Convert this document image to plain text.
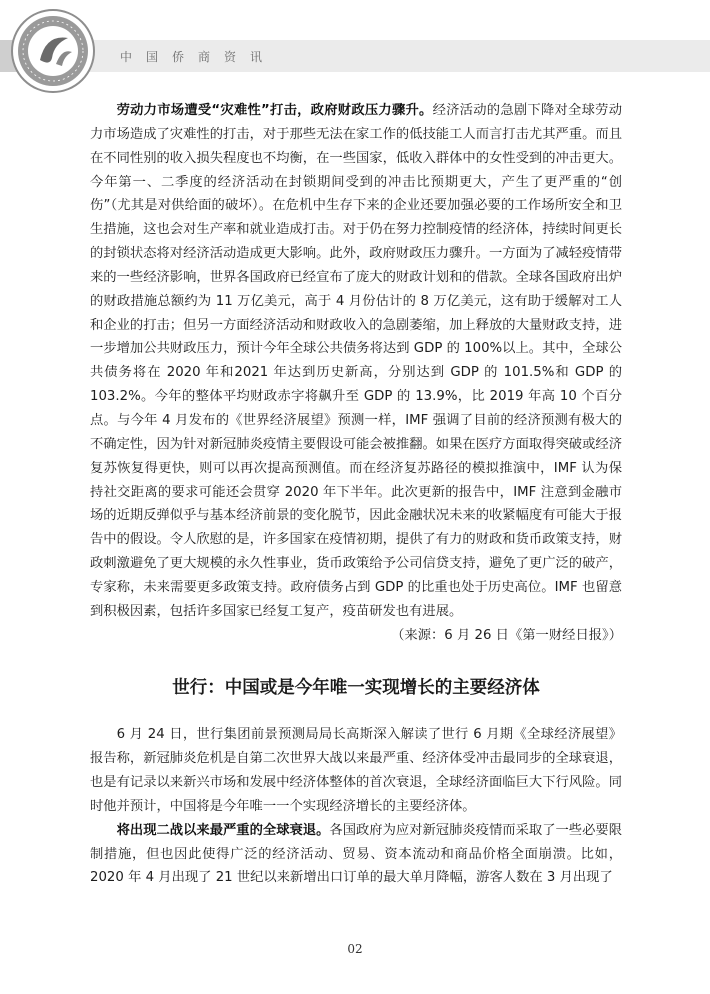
中国侨商资讯

劳动力市场遭受“灾难性”打击，政府财政压力骤升。经济活动的急剧下降对全球劳动力市场造成了灾难性的打击，对于那些无法在家工作的低技能工人而言打击尤其严重。而且在不同性别的收入损失程度也不均衡，在一些国家，低收入群体中的女性受到的冲击更大。今年第一、二季度的经济活动在封锁期间受到的冲击比预期更大，产生了更严重的“创伤”（尤其是对供给面的破坏）。在危机中生存下来的企业还要加强必要的工作场所安全和卫生措施，这也会对生产率和就业造成打击。对于仍在努力控制疫情的经济体，持续时间更长的封锁状态将对经济活动造成更大影响。此外，政府财政压力骤升。一方面为了减轻疫情带来的一些经济影响，世界各国政府已经宣布了庞大的财政计划和的借款。全球各国政府出炉的财政措施总额约为 11 万亿美元，高于 4 月份估计的 8 万亿美元，这有助于缓解对工人和企业的打击；但另一方面经济活动和财政收入的急剧萎缩，加上释放的大量财政支持，进一步增加公共财政压力，预计今年全球公共债务将达到 GDP 的 100%以上。其中，全球公共债务将在 2020 年和2021 年达到历史新高，分别达到 GDP 的 101.5%和 GDP 的 103.2%。今年的整体平均财政赤字将飙升至 GDP 的 13.9%，比 2019 年高 10 个百分点。与今年 4 月发布的《世界经济展望》预测一样，IMF 强调了目前的经济预测有极大的不确定性，因为针对新冠肺炎疫情主要假设可能会被推翻。如果在医疗方面取得突破或经济复苏恢复得更快，则可以再次提高预测值。而在经济复苏路径的模拟推演中，IMF 认为保持社交距离的要求可能还会贯穿 2020 年下半年。此次更新的报告中，IMF 注意到金融市场的近期反弹似乎与基本经济前景的变化脱节，因此金融状况未来的收紧幅度有可能大于报告中的假设。令人欣慰的是，许多国家在疫情初期，提供了有力的财政和货币政策支持，财政刺激避免了更大规模的永久性事业，货币政策给予公司信贷支持，避免了更广泛的破产，专家称，未来需要更多政策支持。政府债务占到 GDP 的比重也处于历史高位。IMF 也留意到积极因素，包括许多国家已经复工复产，疫苗研发也有进展。

（来源：6 月 26 日《第一财经日报》）

世行：中国或是今年唯一实现增长的主要经济体

6 月 24 日，世行集团前景预测局局长高斯深入解读了世行 6 月期《全球经济展望》报告称，新冠肺炎危机是自第二次世界大战以来最严重、经济体受冲击最同步的全球衰退，也是有记录以来新兴市场和发展中经济体整体的首次衰退，全球经济面临巨大下行风险。同时他并预计，中国将是今年唯一一个实现经济增长的主要经济体。

将出现二战以来最严重的全球衰退。各国政府为应对新冠肺炎疫情而采取了一些必要限制措施，但也因此使得广泛的经济活动、贸易、资本流动和商品价格全面崩溃。比如，2020 年 4 月出现了 21 世纪以来新增出口订单的最大单月降幅，游客人数在 3 月出现了

02
